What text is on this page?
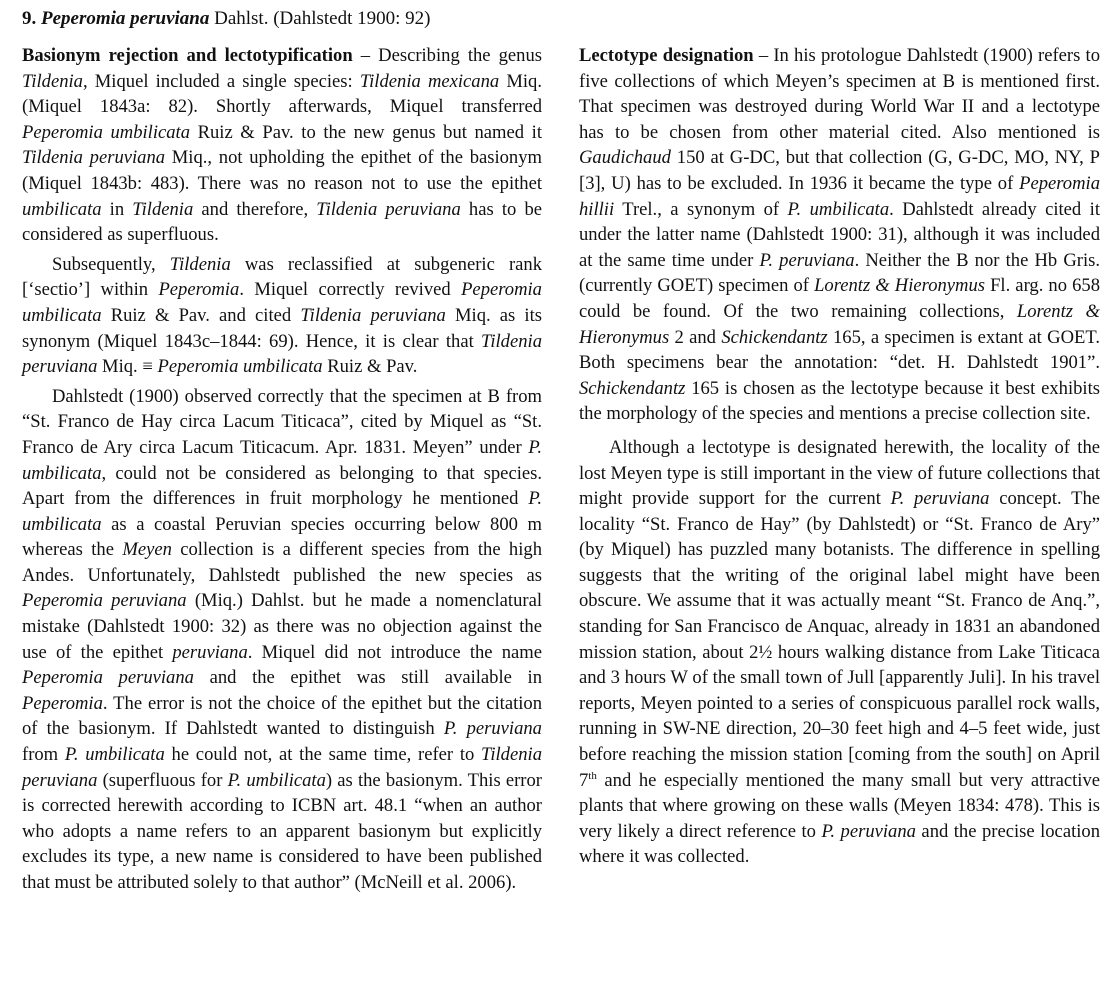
9. Peperomia peruviana Dahlst. (Dahlstedt 1900: 92)

Basionym rejection and lectotypification – Describing the genus Tildenia, Miquel included a single species: Tildenia mexicana Miq. (Miquel 1843a: 82). Shortly afterwards, Miquel transferred Peperomia umbilicata Ruiz & Pav. to the new genus but named it Tildenia peruviana Miq., not upholding the epithet of the basionym (Miquel 1843b: 483). There was no reason not to use the epithet umbilicata in Tildenia and therefore, Tildenia peruviana has to be considered as superfluous.

Subsequently, Tildenia was reclassified at subgeneric rank [‘sectio’] within Peperomia. Miquel correctly revived Peperomia umbilicata Ruiz & Pav. and cited Tildenia peruviana Miq. as its synonym (Miquel 1843c–1844: 69). Hence, it is clear that Tildenia peruviana Miq. ≡ Peperomia umbilicata Ruiz & Pav.

Dahlstedt (1900) observed correctly that the specimen at B from “St. Franco de Hay circa Lacum Titicaca”, cited by Miquel as “St. Franco de Ary circa Lacum Titicacum. Apr. 1831. Meyen” under P. umbilicata, could not be considered as belonging to that species. Apart from the differences in fruit morphology he mentioned P. umbilicata as a coastal Peruvian species occurring below 800 m whereas the Meyen collection is a different species from the high Andes. Unfortunately, Dahlstedt published the new species as Peperomia peruviana (Miq.) Dahlst. but he made a nomenclatural mistake (Dahlstedt 1900: 32) as there was no objection against the use of the epithet peruviana. Miquel did not introduce the name Peperomia peruviana and the epithet was still available in Peperomia. The error is not the choice of the epithet but the citation of the basionym. If Dahlstedt wanted to distinguish P. peruviana from P. umbilicata he could not, at the same time, refer to Tildenia peruviana (superfluous for P. umbilicata) as the basionym. This error is corrected herewith according to ICBN art. 48.1 “when an author who adopts a name refers to an apparent basionym but explicitly excludes its type, a new name is considered to have been published that must be attributed solely to that author” (McNeill et al. 2006).

Lectotype designation – In his protologue Dahlstedt (1900) refers to five collections of which Meyen’s specimen at B is mentioned first. That specimen was destroyed during World War II and a lectotype has to be chosen from other material cited. Also mentioned is Gaudichaud 150 at G-DC, but that collection (G, G-DC, MO, NY, P [3], U) has to be excluded. In 1936 it became the type of Peperomia hillii Trel., a synonym of P. umbilicata. Dahlstedt already cited it under the latter name (Dahlstedt 1900: 31), although it was included at the same time under P. peruviana. Neither the B nor the Hb Gris. (currently GOET) specimen of Lorentz & Hieronymus Fl. arg. no 658 could be found. Of the two remaining collections, Lorentz & Hieronymus 2 and Schickendantz 165, a specimen is extant at GOET. Both specimens bear the annotation: “det. H. Dahlstedt 1901”. Schickendantz 165 is chosen as the lectotype because it best exhibits the morphology of the species and mentions a precise collection site.

Although a lectotype is designated herewith, the locality of the lost Meyen type is still important in the view of future collections that might provide support for the current P. peruviana concept. The locality “St. Franco de Hay” (by Dahlstedt) or “St. Franco de Ary” (by Miquel) has puzzled many botanists. The difference in spelling suggests that the writing of the original label might have been obscure. We assume that it was actually meant “St. Franco de Anq.”, standing for San Francisco de Anquac, already in 1831 an abandoned mission station, about 2½ hours walking distance from Lake Titicaca and 3 hours W of the small town of Jull [apparently Juli]. In his travel reports, Meyen pointed to a series of conspicuous parallel rock walls, running in SW-NE direction, 20–30 feet high and 4–5 feet wide, just before reaching the mission station [coming from the south] on April 7th and he especially mentioned the many small but very attractive plants that where growing on these walls (Meyen 1834: 478). This is very likely a direct reference to P. peruviana and the precise location where it was collected.
